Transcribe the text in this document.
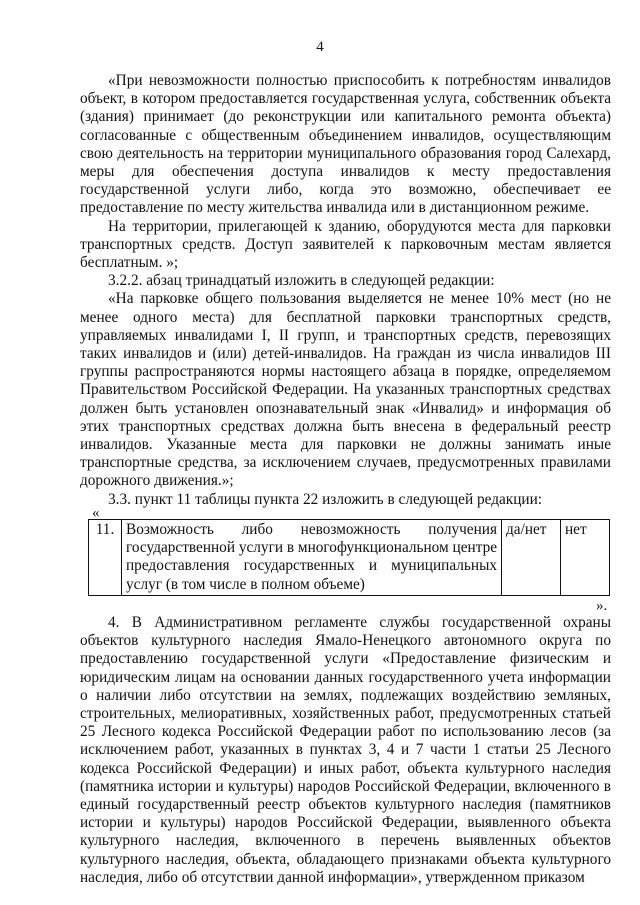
4

«При невозможности полностью приспособить к потребностям инвалидов объект, в котором предоставляется государственная услуга, собственник объекта (здания) принимает (до реконструкции или капитального ремонта объекта) согласованные с общественным объединением инвалидов, осуществляющим свою деятельность на территории муниципального образования город Салехард, меры для обеспечения доступа инвалидов к месту предоставления государственной услуги либо, когда это возможно, обеспечивает ее предоставление по месту жительства инвалида или в дистанционном режиме.

На территории, прилегающей к зданию, оборудуются места для парковки транспортных средств. Доступ заявителей к парковочным местам является бесплатным. »;

3.2.2. абзац тринадцатый изложить в следующей редакции:

«На парковке общего пользования выделяется не менее 10% мест (но не менее одного места) для бесплатной парковки транспортных средств, управляемых инвалидами I, II групп, и транспортных средств, перевозящих таких инвалидов и (или) детей-инвалидов. На граждан из числа инвалидов III группы распространяются нормы настоящего абзаца в порядке, определяемом Правительством Российской Федерации. На указанных транспортных средствах должен быть установлен опознавательный знак «Инвалид» и информация об этих транспортных средствах должна быть внесена в федеральный реестр инвалидов. Указанные места для парковки не должны занимать иные транспортные средства, за исключением случаев, предусмотренных правилами дорожного движения.»;

3.3. пункт 11 таблицы пункта 22 изложить в следующей редакции:

«
11.	Возможность либо невозможность получения государственной услуги в многофункциональном центре предоставления государственных и муниципальных услуг (в том числе в полном объеме)	да/нет	нет
».

4. В Административном регламенте службы государственной охраны объектов культурного наследия Ямало-Ненецкого автономного округа по предоставлению государственной услуги «Предоставление физическим и юридическим лицам на основании данных государственного учета информации о наличии либо отсутствии на землях, подлежащих воздействию земляных, строительных, мелиоративных, хозяйственных работ, предусмотренных статьей 25 Лесного кодекса Российской Федерации работ по использованию лесов (за исключением работ, указанных в пунктах 3, 4 и 7 части 1 статьи 25 Лесного кодекса Российской Федерации) и иных работ, объекта культурного наследия (памятника истории и культуры) народов Российской Федерации, включенного в единый государственный реестр объектов культурного наследия (памятников истории и культуры) народов Российской Федерации, выявленного объекта культурного наследия, включенного в перечень выявленных объектов культурного наследия, объекта, обладающего признаками объекта культурного наследия, либо об отсутствии данной информации», утвержденном приказом
